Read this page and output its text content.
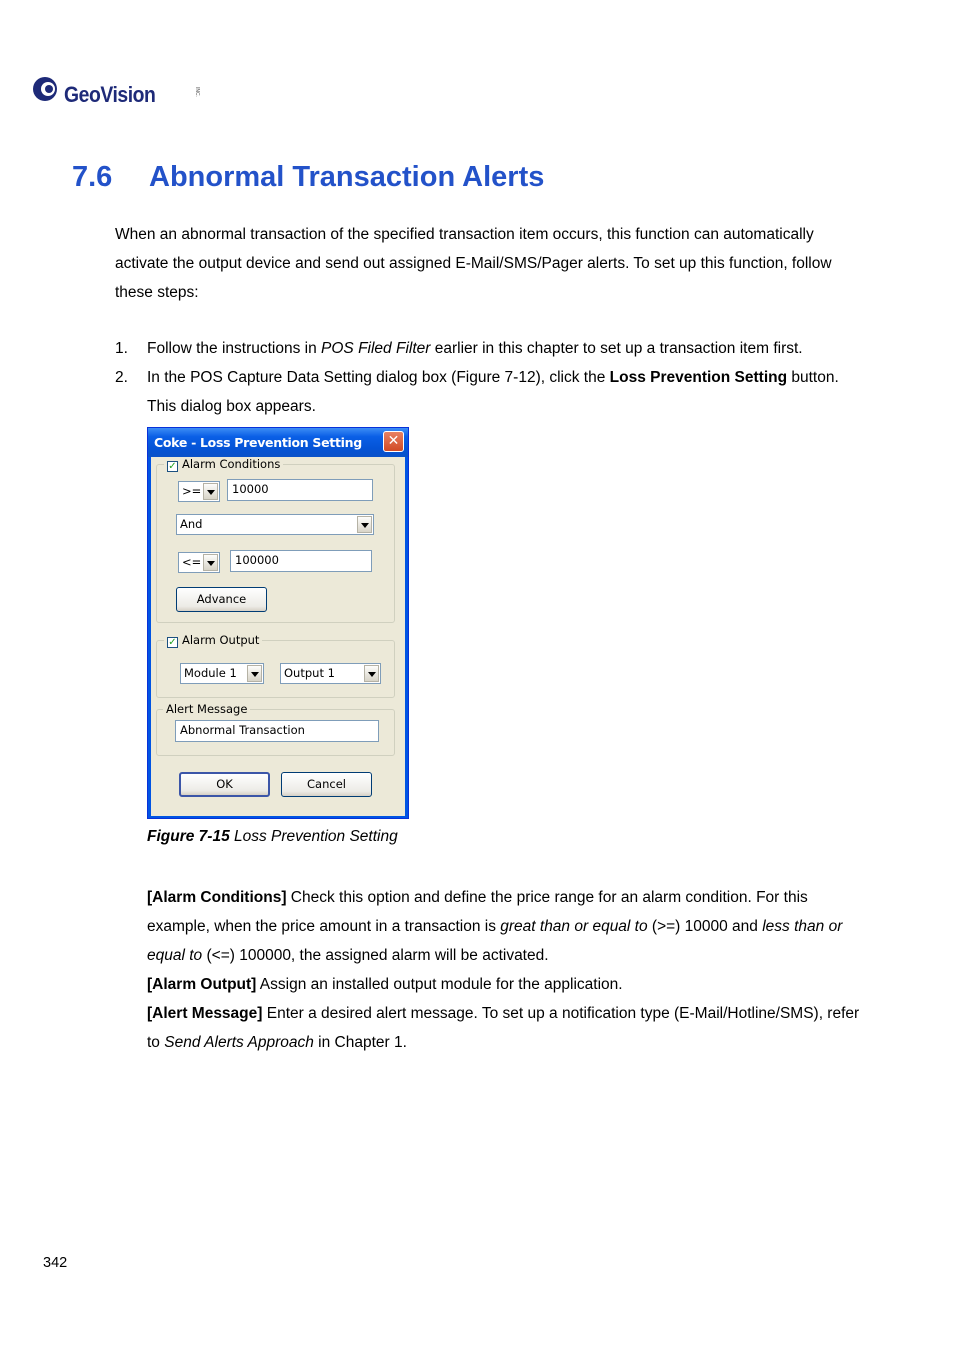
GeoVision	INC.
7.6 Abnormal Transaction Alerts
When an abnormal transaction of the specified transaction item occurs, this function can automatically activate the output device and send out assigned E-Mail/SMS/Pager alerts. To set up this function, follow these steps:
1. Follow the instructions in POS Filed Filter earlier in this chapter to set up a transaction item first.
2. In the POS Capture Data Setting dialog box (Figure 7-12), click the Loss Prevention Setting button. This dialog box appears.
Coke - Loss Prevention Setting	✕
✓ Alarm Conditions
>=	10000
And
<=	100000
Advance
✓ Alarm Output
Module 1	Output 1
Alert Message
Abnormal Transaction
OK	Cancel
Figure 7-15 Loss Prevention Setting
[Alarm Conditions] Check this option and define the price range for an alarm condition. For this example, when the price amount in a transaction is great than or equal to (>=) 10000 and less than or equal to (<=) 100000, the assigned alarm will be activated.
[Alarm Output] Assign an installed output module for the application.
[Alert Message] Enter a desired alert message. To set up a notification type (E-Mail/Hotline/SMS), refer to Send Alerts Approach in Chapter 1.
342
